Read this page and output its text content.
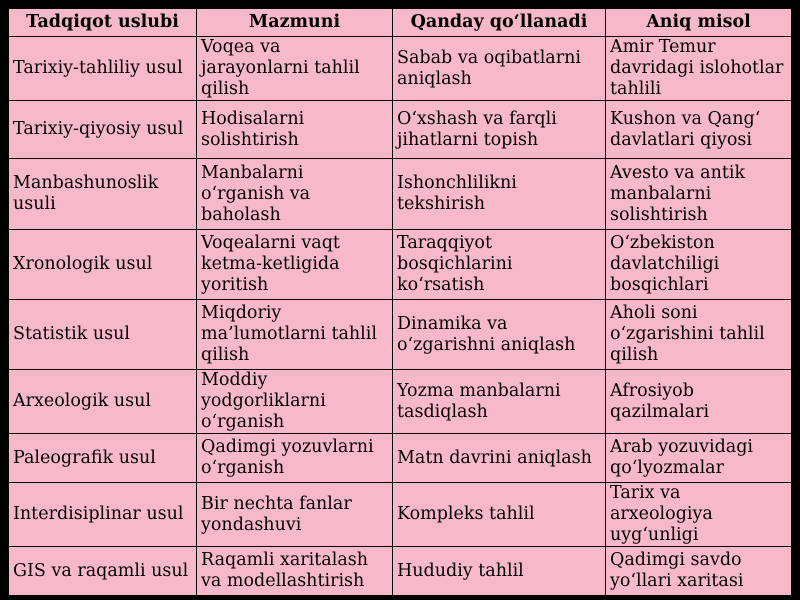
Tadqiqot uslubi	Mazmuni	Qanday qo‘llanadi	Aniq misol
Tarixiy-tahliliy usul	Voqea va jarayonlarni tahlil qilish	Sabab va oqibatlarni aniqlash	Amir Temur davridagi islohotlar tahlili
Tarixiy-qiyosiy usul	Hodisalarni solishtirish	O‘xshash va farqli jihatlarni topish	Kushon va Qang‘ davlatlari qiyosi
Manbashunoslik usuli	Manbalarni o‘rganish va baholash	Ishonchlilikni tekshirish	Avesto va antik manbalarni solishtirish
Xronologik usul	Voqealarni vaqt ketma-ketligida yoritish	Taraqqiyot bosqichlarini ko‘rsatish	O‘zbekiston davlatchiligi bosqichlari
Statistik usul	Miqdoriy ma’lumotlarni tahlil qilish	Dinamika va o‘zgarishni aniqlash	Aholi soni o‘zgarishini tahlil qilish
Arxeologik usul	Moddiy yodgorliklarni o‘rganish	Yozma manbalarni tasdiqlash	Afrosiyob qazilmalari
Paleografik usul	Qadimgi yozuvlarni o‘rganish	Matn davrini aniqlash	Arab yozuvidagi qo‘lyozmalar
Interdisiplinar usul	Bir nechta fanlar yondashuvi	Kompleks tahlil	Tarix va arxeologiya uyg‘unligi
GIS va raqamli usul	Raqamli xaritalash va modellashtirish	Hududiy tahlil	Qadimgi savdo yo‘llari xaritasi
